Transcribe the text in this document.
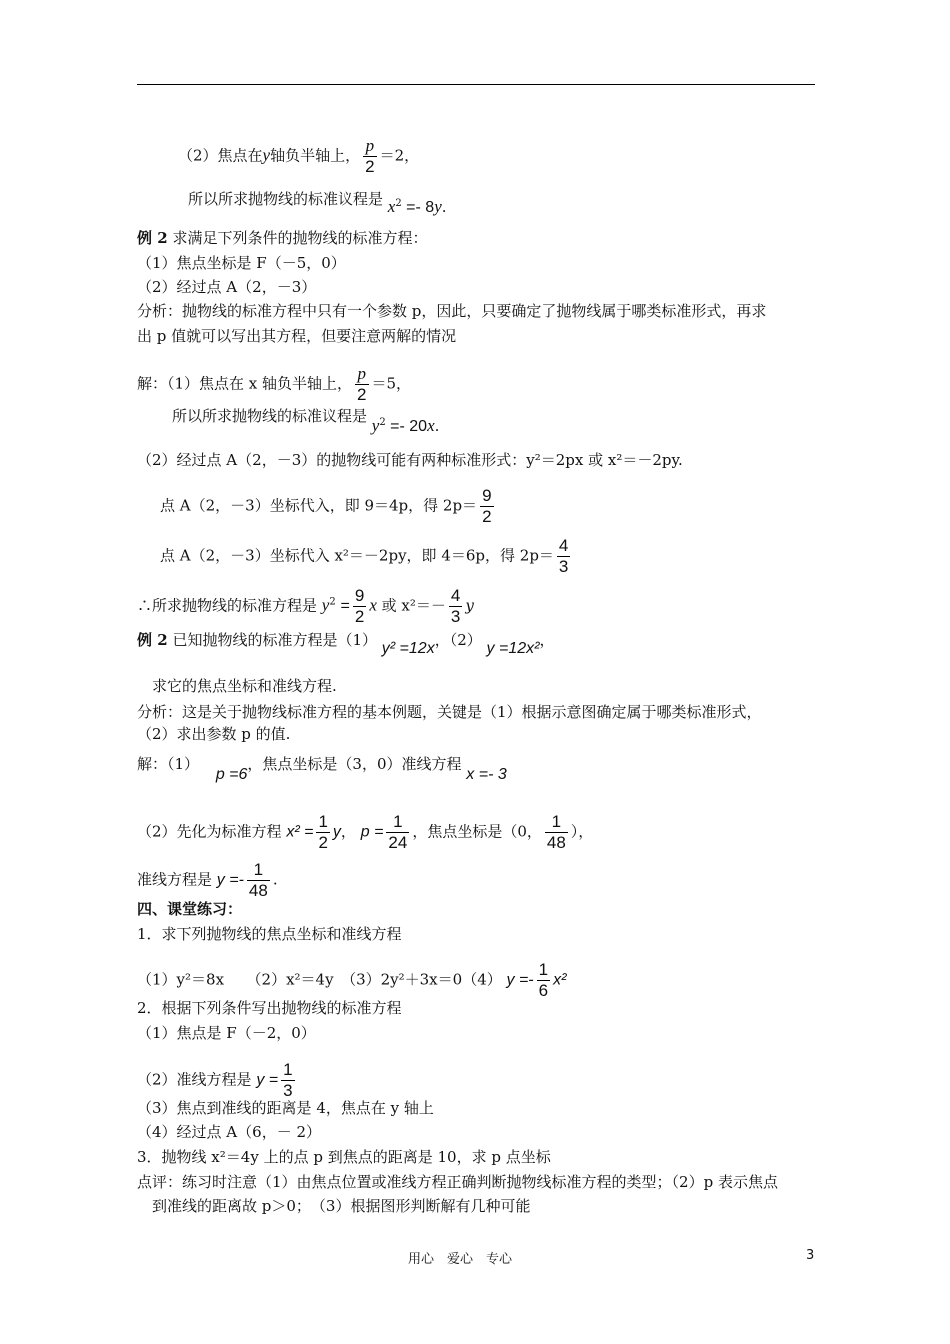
（2）焦点在y轴负半轴上， $\frac{p}{2} =2$，
所以所求抛物线的标准议程是 $x^2 =- 8y$.
例 2 求满足下列条件的抛物线的标准方程：
（1）焦点坐标是 F（－5，0）
（2）经过点 A（2，－3）
分析：抛物线的标准方程中只有一个参数 p，因此，只要确定了抛物线属于哪类标准形式，再求
出 p 值就可以写出其方程，但要注意两解的情况
解：（1）焦点在 x 轴负半轴上， $\frac{p}{2} =5$，
所以所求抛物线的标准议程是 $y^2 =- 20x$.
（2）经过点 A（2，－3）的抛物线可能有两种标准形式：y²＝2px 或 x²＝－2py.
点 A（2，－3）坐标代入，即 9＝4p，得 $2p= \frac{9}{2}$
点 A（2，－3）坐标代入 x²＝－2py，即 4＝6p，得 $2p= \frac{4}{3}$
∴所求抛物线的标准方程是 $y^2 = \frac{9}{2}$ x 或 $x^2=- \frac{4}{3}$ y
例 2 已知抛物线的标准方程是（1） y² =12x，（2） y =12x²，
求它的焦点坐标和准线方程.
分析：这是关于抛物线标准方程的基本例题，关键是（1）根据示意图确定属于哪类标准形式，
（2）求出参数 p 的值.
解：（1） p =6，焦点坐标是（3，0）准线方程 x =- 3
（2）先化为标准方程 $x^2 = \frac{1}{2}$ y， $p = \frac{1}{24}$ ，焦点坐标是（0， $\frac{1}{48}$ ），
准线方程是 $y =- \frac{1}{48}$ .
四、课堂练习：
1．求下列抛物线的焦点坐标和准线方程
（1）y²＝8x　　（2）x²＝4y　（3）2y²＋3x＝0（4） $y =- \frac{1}{6} x^2$
2．根据下列条件写出抛物线的标准方程
（1）焦点是 F（－2，0）
（2）准线方程是 $y = \frac{1}{3}$
（3）焦点到准线的距离是 4，焦点在 y 轴上
（4）经过点 A（6，－ 2）
3．抛物线 x²＝4y 上的点 p 到焦点的距离是 10，求 p 点坐标
点评：练习时注意（1）由焦点位置或准线方程正确判断抛物线标准方程的类型；（2）p 表示焦点
到准线的距离故 p＞0；　（3）根据图形判断解有几种可能
用心　爱心　专心	3
